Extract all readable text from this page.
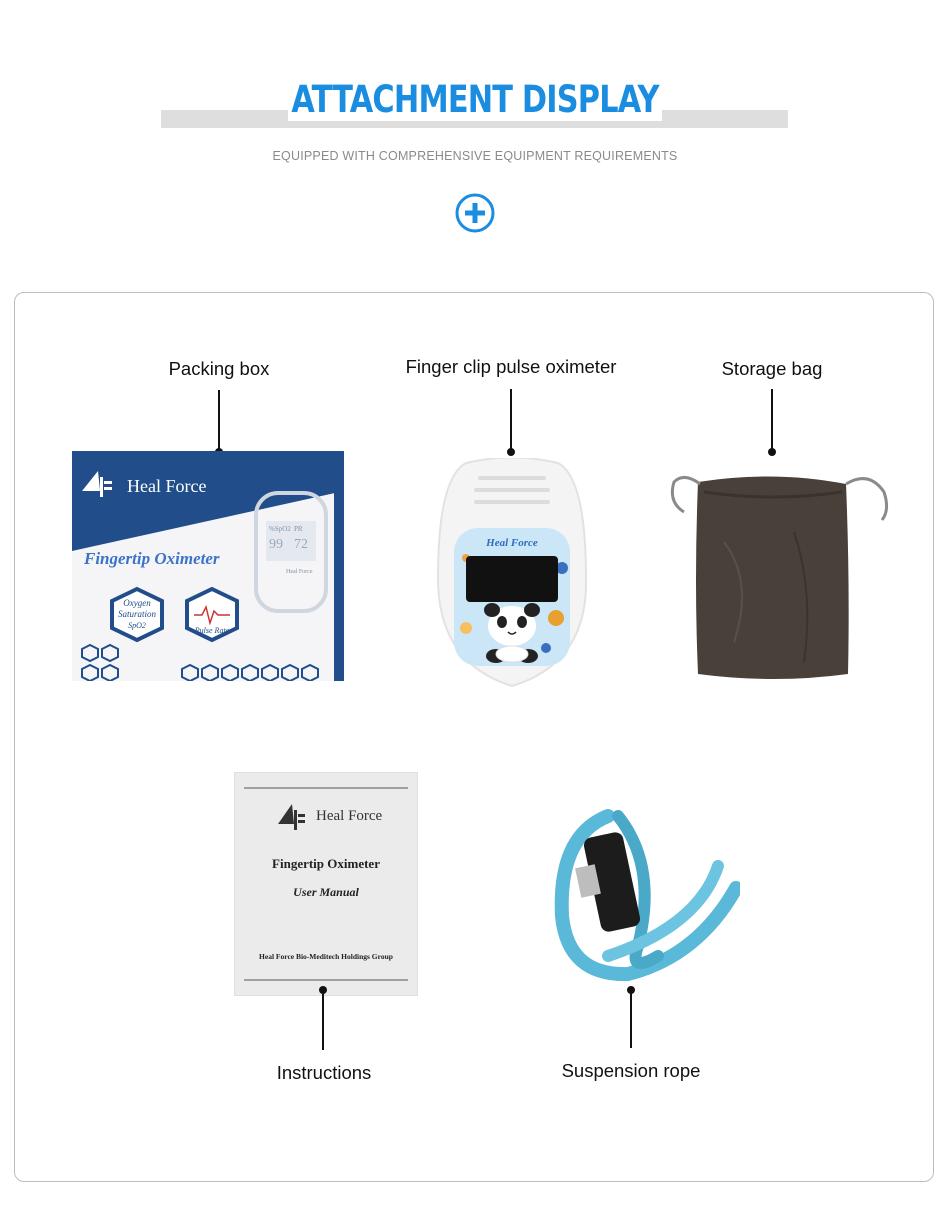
ATTACHMENT DISPLAY
EQUIPPED WITH COMPREHENSIVE EQUIPMENT REQUIREMENTS
Packing box
Heal Force
Fingertip Oximeter
%SpO2 PR
99 72
Heal Force
Oxygen
Saturation
SpO2
Pulse Rate
Finger clip pulse oximeter
Heal Force
Storage bag
Heal Force
Fingertip Oximeter
User Manual
Heal Force Bio-Meditech Holdings Group
Instructions	Suspension rope
